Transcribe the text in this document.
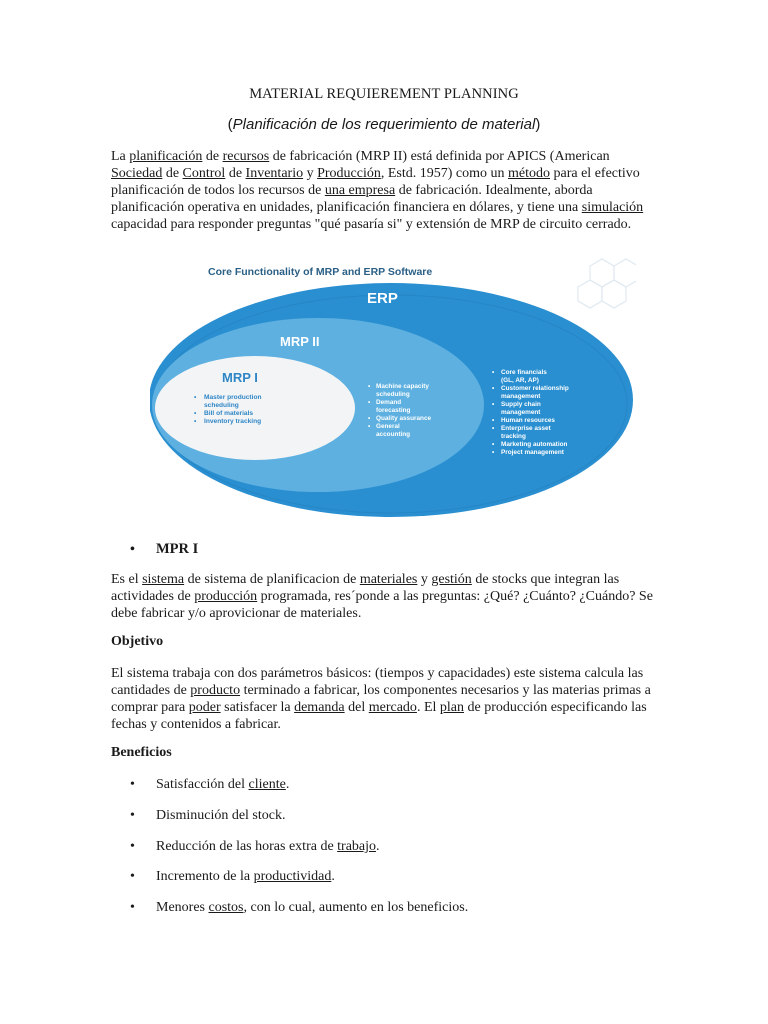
MATERIAL REQUIEREMENT PLANNING
(Planificación de los requerimiento de material)
La planificación de recursos de fabricación (MRP II) está definida por APICS (American Sociedad de Control de Inventario y Producción, Estd. 1957) como un método para el efectivo planificación de todos los recursos de una empresa de fabricación. Idealmente, aborda planificación operativa en unidades, planificación financiera en dólares, y tiene una simulación capacidad para responder preguntas "qué pasaría si" y extensión de MRP de circuito cerrado.
Core Functionality of MRP and ERP Software
ERP
MRP II
MRP I
• Master production
scheduling
• Bill of materials
• Inventory tracking
• Machine capacity
scheduling
• Demand
forecasting
• Quality assurance
• General
accounting
• Core financials
(GL, AR, AP)
• Customer relationship
management
• Supply chain
management
• Human resources
• Enterprise asset
tracking
• Marketing automation
• Project management
• MPR I
Es el sistema de sistema de planificacion de materiales y gestión de stocks que integran las actividades de producción programada, res´ponde a las preguntas: ¿Qué? ¿Cuánto? ¿Cuándo? Se debe fabricar y/o aprovicionar de materiales.
Objetivo
El sistema trabaja con dos parámetros básicos: (tiempos y capacidades) este sistema calcula las cantidades de producto terminado a fabricar, los componentes necesarios y las materias primas a comprar para poder satisfacer la demanda del mercado. El plan de producción especificando las fechas y contenidos a fabricar.
Beneficios
• Satisfacción del cliente.
• Disminución del stock.
• Reducción de las horas extra de trabajo.
• Incremento de la productividad.
• Menores costos, con lo cual, aumento en los beneficios.
